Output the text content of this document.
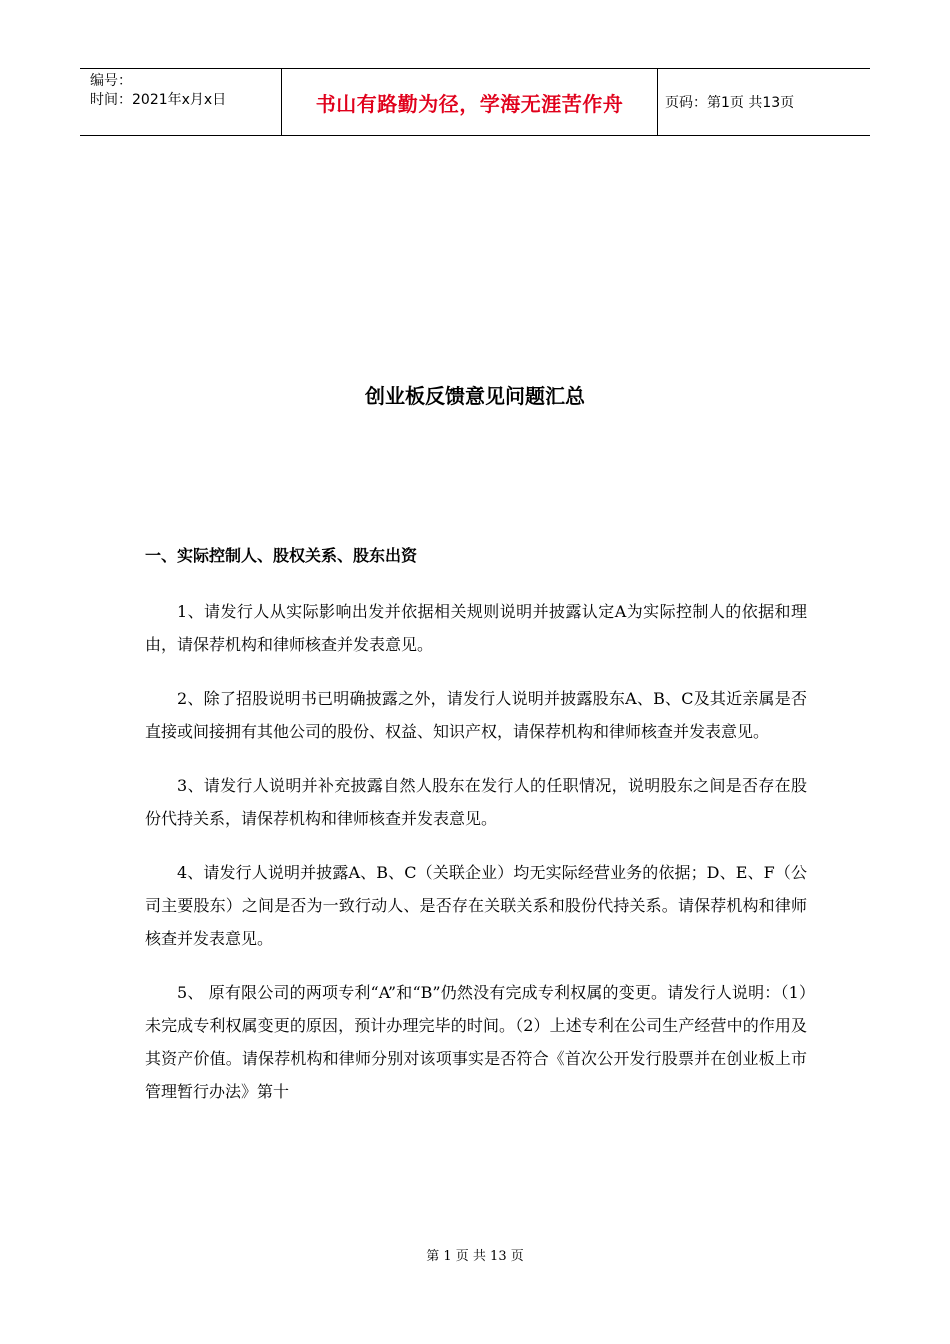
编号：
时间：2021年x月x日	书山有路勤为径，学海无涯苦作舟	页码：第1页 共13页
创业板反馈意见问题汇总
一、实际控制人、股权关系、股东出资

1、请发行人从实际影响出发并依据相关规则说明并披露认定A为实际控制人的依据和理由，请保荐机构和律师核查并发表意见。

2、除了招股说明书已明确披露之外，请发行人说明并披露股东A、B、C及其近亲属是否直接或间接拥有其他公司的股份、权益、知识产权，请保荐机构和律师核查并发表意见。

3、请发行人说明并补充披露自然人股东在发行人的任职情况，说明股东之间是否存在股份代持关系，请保荐机构和律师核查并发表意见。

4、请发行人说明并披露A、B、C（关联企业）均无实际经营业务的依据；D、E、F（公司主要股东）之间是否为一致行动人、是否存在关联关系和股份代持关系。请保荐机构和律师核查并发表意见。

5、 原有限公司的两项专利“A”和“B”仍然没有完成专利权属的变更。请发行人说明：（1）未完成专利权属变更的原因，预计办理完毕的时间。（2）上述专利在公司生产经营中的作用及其资产价值。请保荐机构和律师分别对该项事实是否符合《首次公开发行股票并在创业板上市管理暂行办法》第十

第 1 页 共 13 页
